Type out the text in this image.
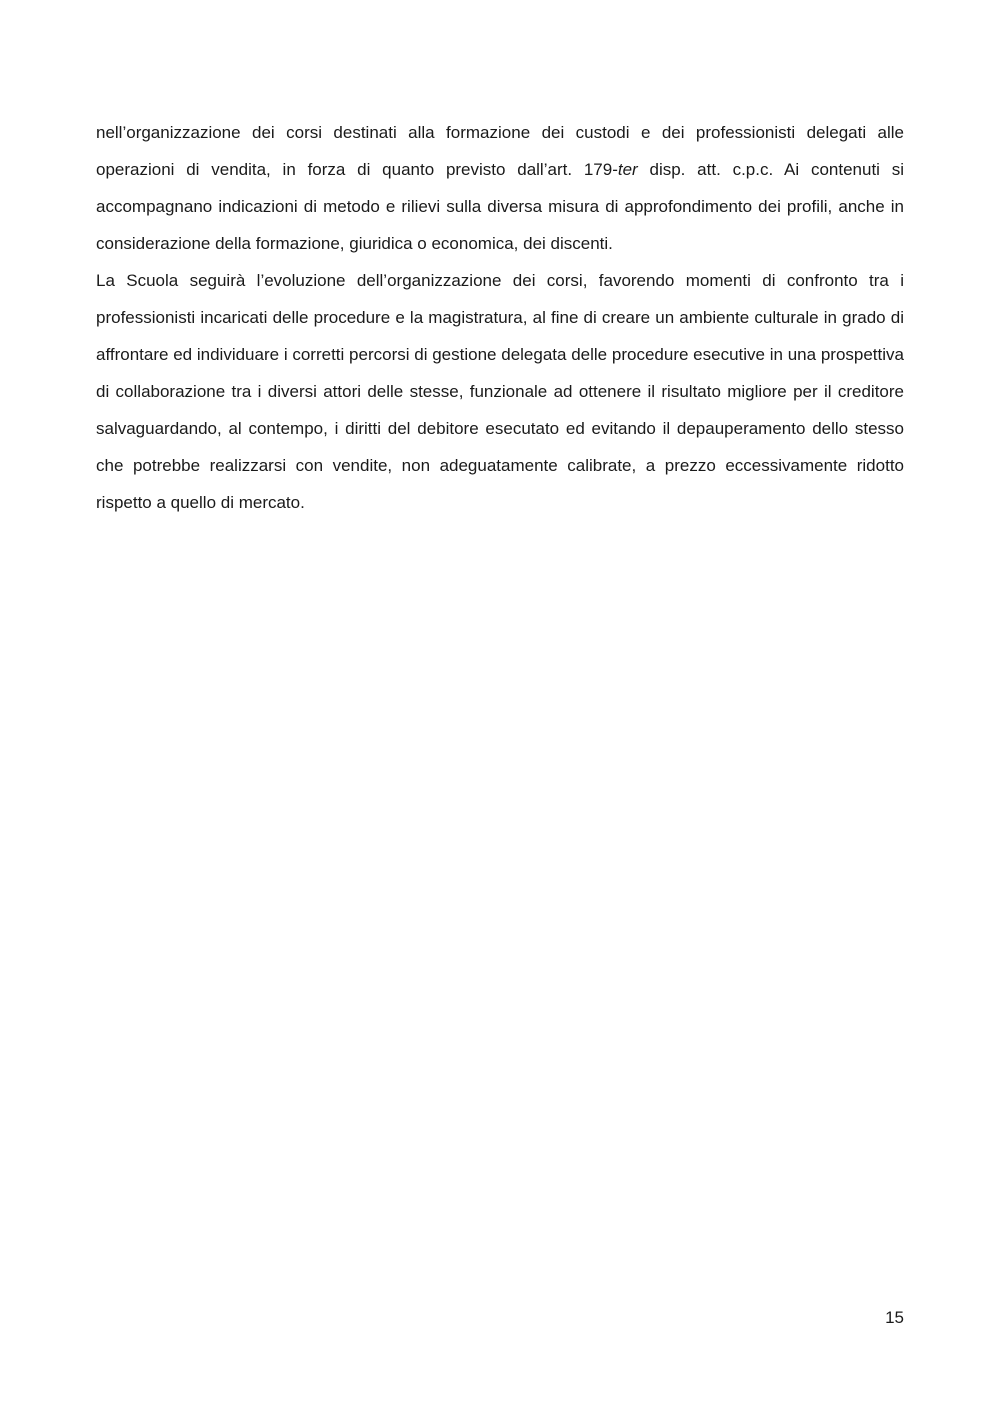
nell’organizzazione dei corsi destinati alla formazione dei custodi e dei professionisti delegati alle operazioni di vendita, in forza di quanto previsto dall’art. 179-ter disp. att. c.p.c. Ai contenuti si accompagnano indicazioni di metodo e rilievi sulla diversa misura di approfondimento dei profili, anche in considerazione della formazione, giuridica o economica, dei discenti.

La Scuola seguirà l’evoluzione dell’organizzazione dei corsi, favorendo momenti di confronto tra i professionisti incaricati delle procedure e la magistratura, al fine di creare un ambiente culturale in grado di affrontare ed individuare i corretti percorsi di gestione delegata delle procedure esecutive in una prospettiva di collaborazione tra i diversi attori delle stesse, funzionale ad ottenere il risultato migliore per il creditore salvaguardando, al contempo, i diritti del debitore esecutato ed evitando il depauperamento dello stesso che potrebbe realizzarsi con vendite, non adeguatamente calibrate, a prezzo eccessivamente ridotto rispetto a quello di mercato.

15
